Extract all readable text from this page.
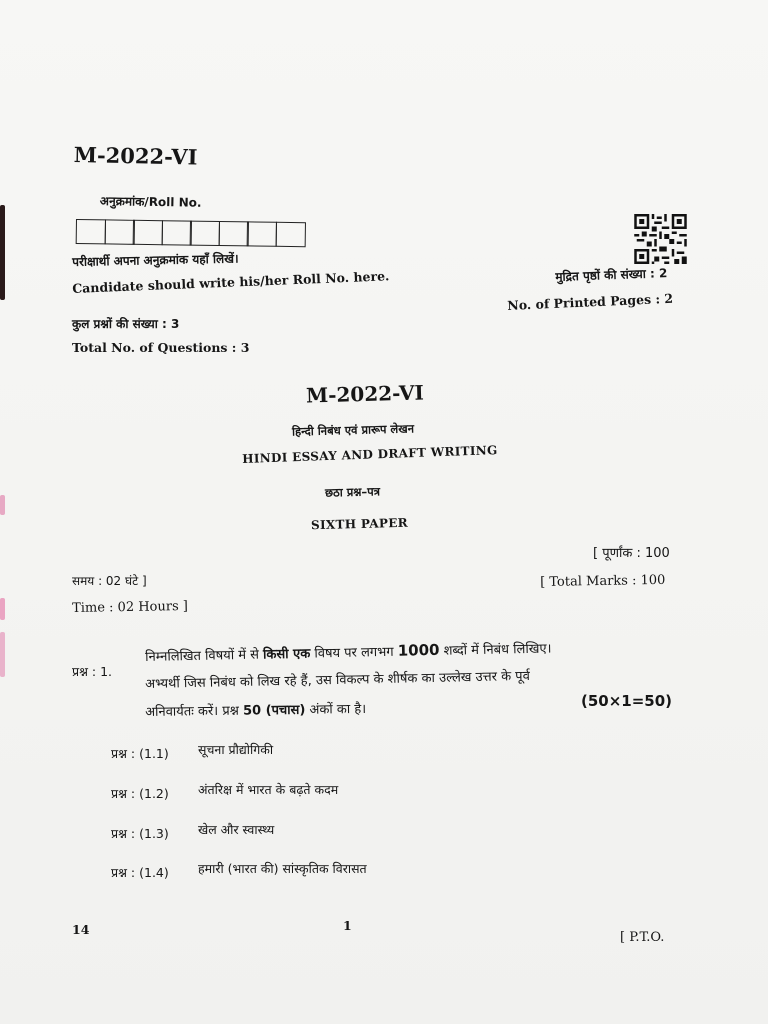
M-2022-VI
अनुक्रमांक/Roll No.
परीक्षार्थी अपना अनुक्रमांक यहाँ लिखें।
Candidate should write his/her Roll No. here.	मुद्रित पृष्ठों की संख्या : 2
No. of Printed Pages : 2
कुल प्रश्नों की संख्या : 3
Total No. of Questions : 3
M-2022-VI
हिन्दी निबंध एवं प्रारूप लेखन
HINDI ESSAY AND DRAFT WRITING
छठा प्रश्न–पत्र
SIXTH PAPER
[ पूर्णांक : 100
[ Total Marks : 100
समय : 02 घंटे ]
Time : 02 Hours ]
प्रश्न : 1.
निम्नलिखित विषयों में से किसी एक विषय पर लगभग 1000 शब्दों में निबंध लिखिए।
अभ्यर्थी जिस निबंध को लिख रहे हैं, उस विकल्प के शीर्षक का उल्लेख उत्तर के पूर्व
अनिवार्यतः करें। प्रश्न 50 (पचास) अंकों का है।	(50×1=50)
प्रश्न : (1.1) सूचना प्रौद्योगिकी
प्रश्न : (1.2) अंतरिक्ष में भारत के बढ़ते कदम
प्रश्न : (1.3) खेल और स्वास्थ्य
प्रश्न : (1.4) हमारी (भारत की) सांस्कृतिक विरासत
14	1
[ P.T.O.
